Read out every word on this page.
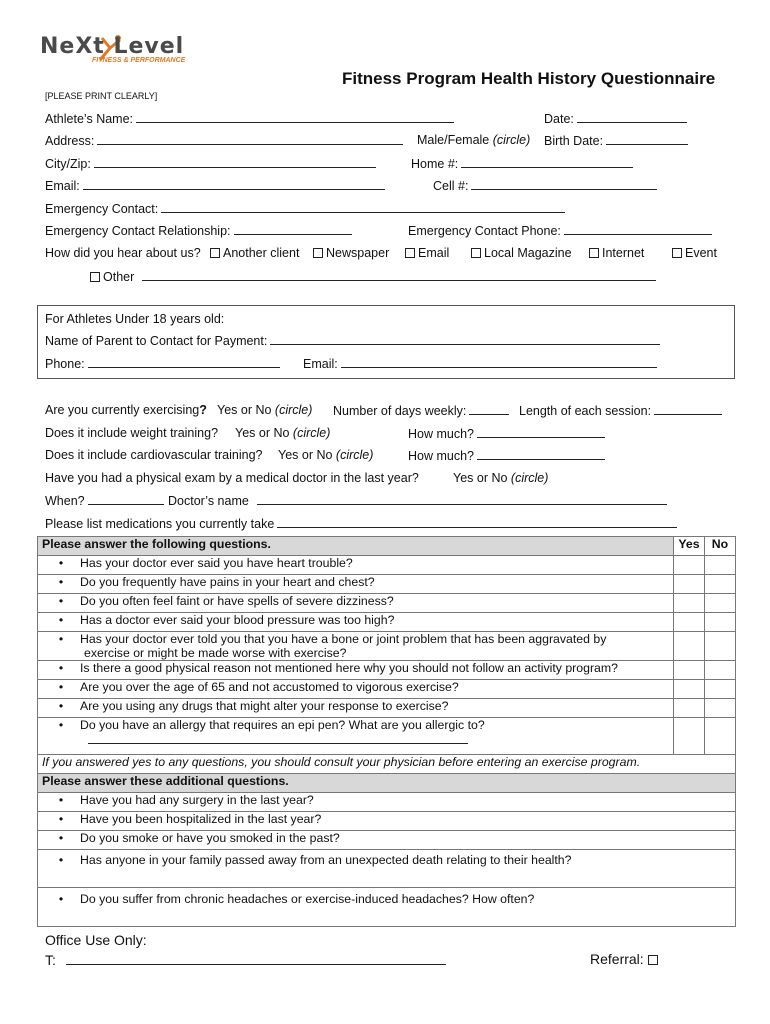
NeXt Level
FITNESS & PERFORMANCE
Fitness Program Health History Questionnaire
[PLEASE PRINT CLEARLY]
Athlete’s Name:	Date:
Address:	Male/Female (circle) Birth Date:
City/Zip:	Home #:
Email:	Cell #:
Emergency Contact:
Emergency Contact Relationship:	Emergency Contact Phone:
How did you hear about us?	Another client	Newspaper	Email	Local Magazine	Internet	Event
Other
For Athletes Under 18 years old:
Name of Parent to Contact for Payment:
Phone:	Email:
Are you currently exercising? Yes or No (circle) Number of days weekly:	Length of each session:
Does it include weight training? Yes or No (circle)	How much?
Does it include cardiovascular training? Yes or No (circle)	How much?
Have you had a physical exam by a medical doctor in the last year?	Yes or No (circle)
When?	Doctor’s name
Please list medications you currently take
Please answer the following questions.	Yes	No
• Has your doctor ever said you have heart trouble?		
• Do you frequently have pains in your heart and chest?		
• Do you often feel faint or have spells of severe dizziness?		
• Has a doctor ever said your blood pressure was too high?		
• Has your doctor ever told you that you have a bone or joint problem that has been aggravated by
exercise or might be made worse with exercise?		
• Is there a good physical reason not mentioned here why you should not follow an activity program?		
• Are you over the age of 65 and not accustomed to vigorous exercise?		
• Are you using any drugs that might alter your response to exercise?		
• Do you have an allergy that requires an epi pen? What are you allergic to?

If you answered yes to any questions, you should consult your physician before entering an exercise program.		
Please answer these additional questions.		
• Have you had any surgery in the last year?		
• Have you been hospitalized in the last year?		
• Do you smoke or have you smoked in the past?		
• Has anyone in your family passed away from an unexpected death relating to their health?		
• Do you suffer from chronic headaches or exercise-induced headaches? How often?		
Office Use Only:
T:	Referral:
